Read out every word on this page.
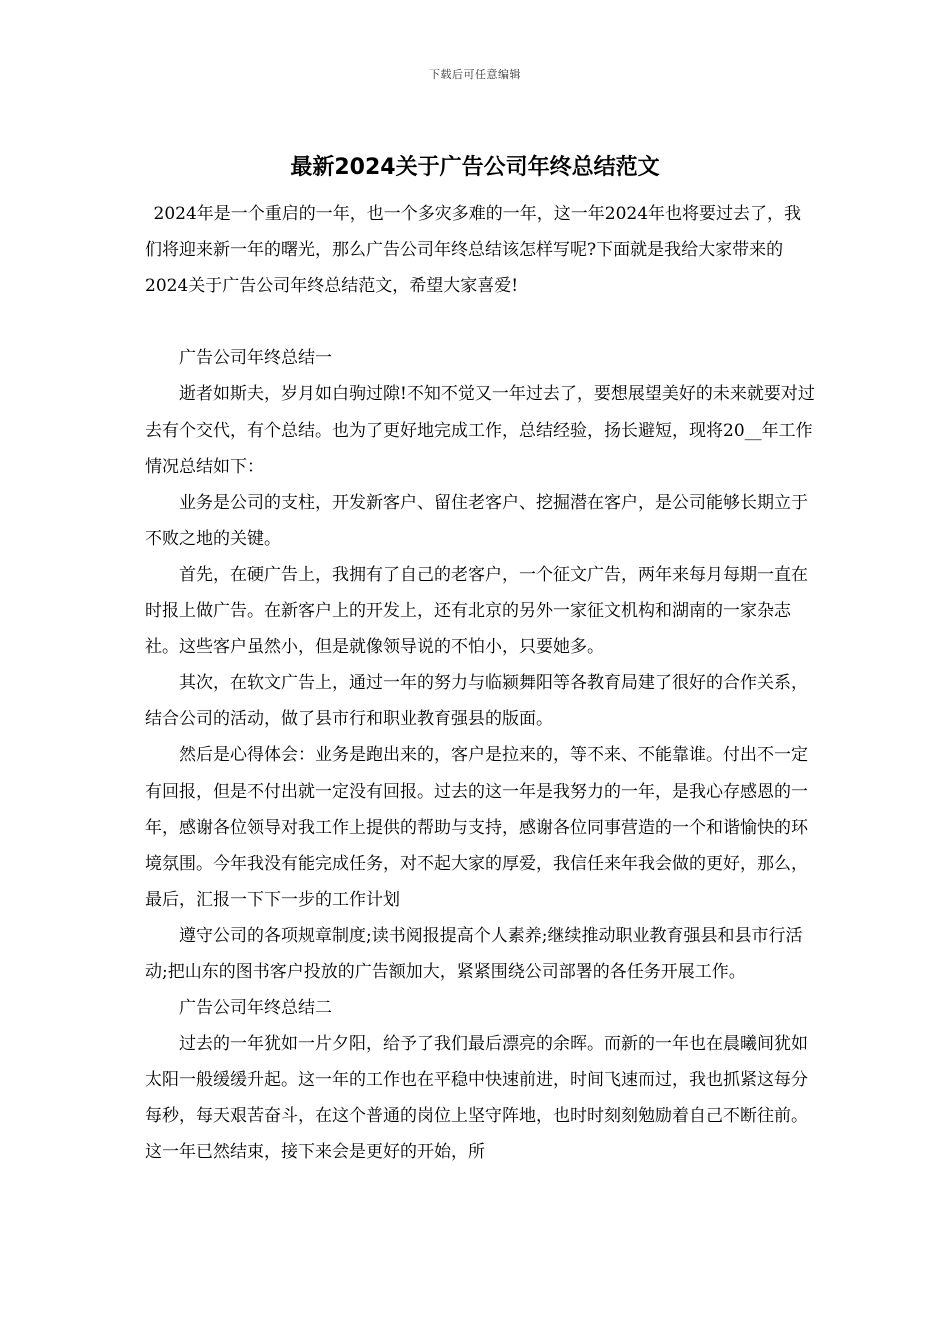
下载后可任意编辑
最新2024关于广告公司年终总结范文

2024年是一个重启的一年，也一个多灾多难的一年，这一年2024年也将要过去了，我们将迎来新一年的曙光，那么广告公司年终总结该怎样写呢?下面就是我给大家带来的2024关于广告公司年终总结范文，希望大家喜爱!

广告公司年终总结一

逝者如斯夫，岁月如白驹过隙!不知不觉又一年过去了，要想展望美好的未来就要对过去有个交代，有个总结。也为了更好地完成工作，总结经验，扬长避短，现将20__年工作情况总结如下：

业务是公司的支柱，开发新客户、留住老客户、挖掘潜在客户，是公司能够长期立于不败之地的关键。

首先，在硬广告上，我拥有了自己的老客户，一个征文广告，两年来每月每期一直在时报上做广告。在新客户上的开发上，还有北京的另外一家征文机构和湖南的一家杂志社。这些客户虽然小，但是就像领导说的不怕小，只要她多。

其次，在软文广告上，通过一年的努力与临颍舞阳等各教育局建了很好的合作关系，结合公司的活动，做了县市行和职业教育强县的版面。

然后是心得体会：业务是跑出来的，客户是拉来的，等不来、不能靠谁。付出不一定有回报，但是不付出就一定没有回报。过去的这一年是我努力的一年，是我心存感恩的一年，感谢各位领导对我工作上提供的帮助与支持，感谢各位同事营造的一个和谐愉快的环境氛围。今年我没有能完成任务，对不起大家的厚爱，我信任来年我会做的更好，那么，最后，汇报一下下一步的工作计划

遵守公司的各项规章制度;读书阅报提高个人素养;继续推动职业教育强县和县市行活动;把山东的图书客户投放的广告额加大，紧紧围绕公司部署的各任务开展工作。

广告公司年终总结二

过去的一年犹如一片夕阳，给予了我们最后漂亮的余晖。而新的一年也在晨曦间犹如太阳一般缓缓升起。这一年的工作也在平稳中快速前进，时间飞速而过，我也抓紧这每分每秒，每天艰苦奋斗，在这个普通的岗位上坚守阵地，也时时刻刻勉励着自己不断往前。这一年已然结束，接下来会是更好的开始，所
